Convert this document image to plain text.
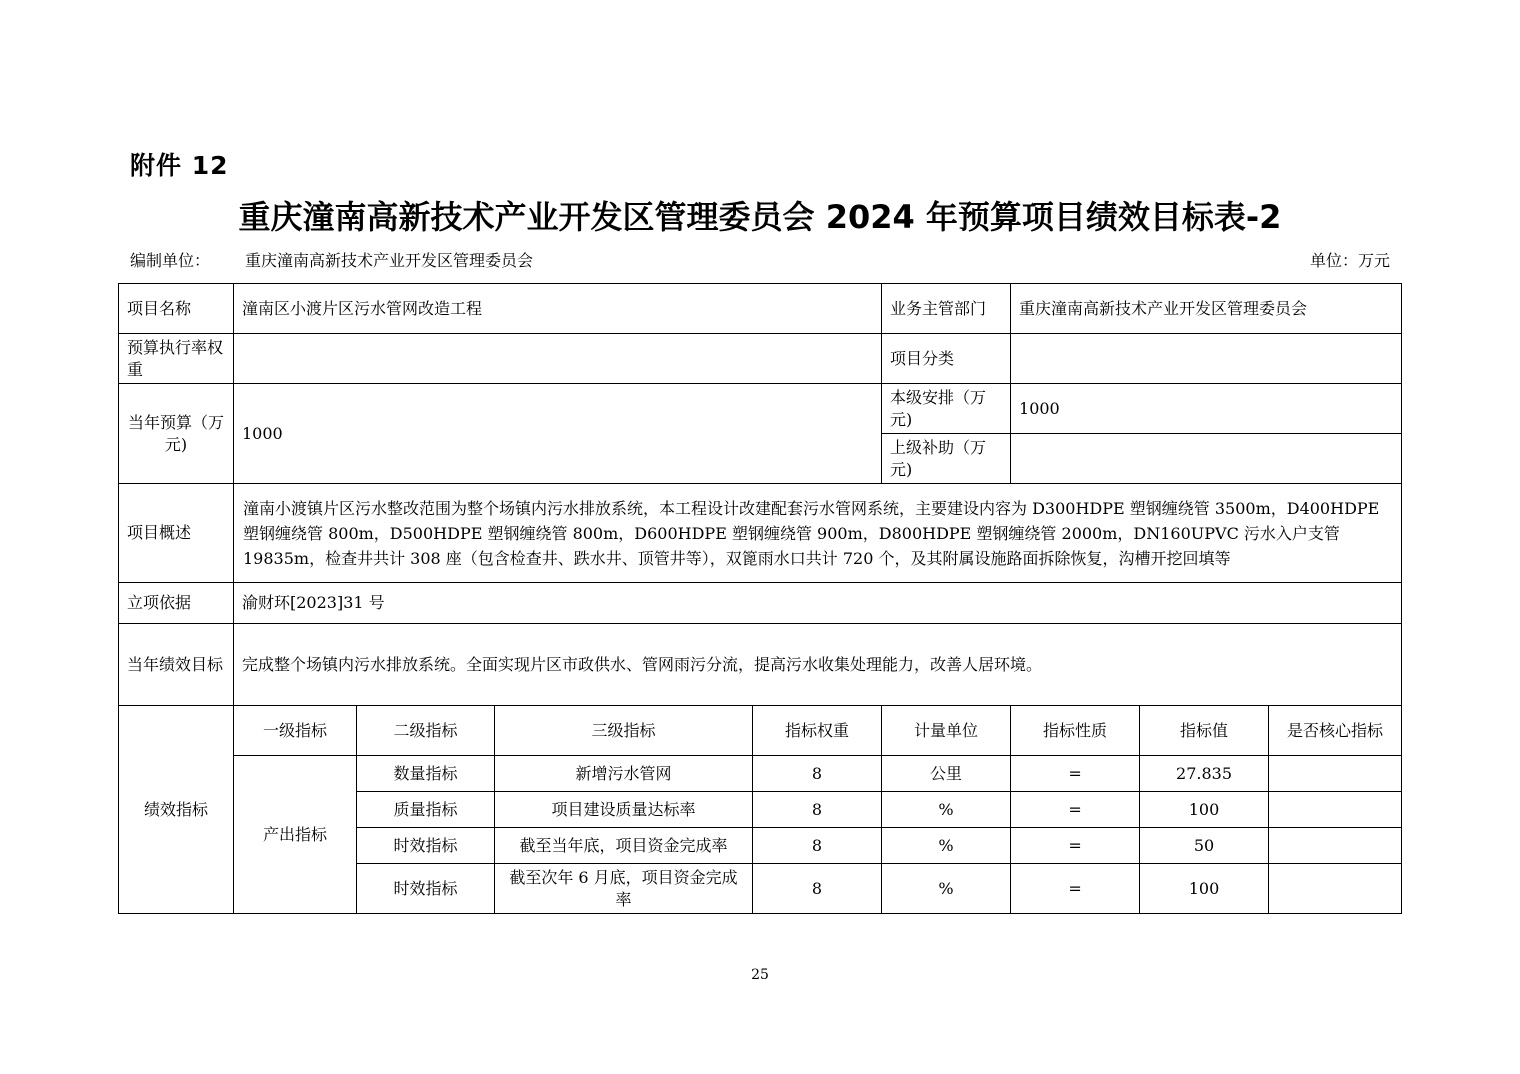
附件 12
重庆潼南高新技术产业开发区管理委员会 2024 年预算项目绩效目标表-2
编制单位： 重庆潼南高新技术产业开发区管理委员会	单位：万元
项目名称	潼南区小渡片区污水管网改造工程				业务主管部门	重庆潼南高新技术产业开发区管理委员会		
预算执行率权重					项目分类			
当年预算（万元)	1000				本级安排（万元)	1000		
					上级补助（万元)			
项目概述	潼南小渡镇片区污水整改范围为整个场镇内污水排放系统，本工程设计改建配套污水管网系统，主要建设内容为 D300HDPE 塑钢缠绕管 3500m，D400HDPE 塑钢缠绕管 800m，D500HDPE 塑钢缠绕管 800m，D600HDPE 塑钢缠绕管 900m，D800HDPE 塑钢缠绕管 2000m，DN160UPVC 污水入户支管 19835m，检查井共计 308 座（包含检查井、跌水井、顶管井等），双篦雨水口共计 720 个，及其附属设施路面拆除恢复，沟槽开挖回填等							
立项依据	渝财环[2023]31 号							
当年绩效目标	完成整个场镇内污水排放系统。全面实现片区市政供水、管网雨污分流，提高污水收集处理能力，改善人居环境。							
绩效指标	一级指标	二级指标	三级指标	指标权重	计量单位	指标性质	指标值	是否核心指标
	产出指标	数量指标	新增污水管网	8	公里	=	27.835	
		质量指标	项目建设质量达标率	8	%	=	100	
		时效指标	截至当年底，项目资金完成率	8	%	=	50	
		时效指标	截至次年 6 月底，项目资金完成率	8	%	=	100	
25
